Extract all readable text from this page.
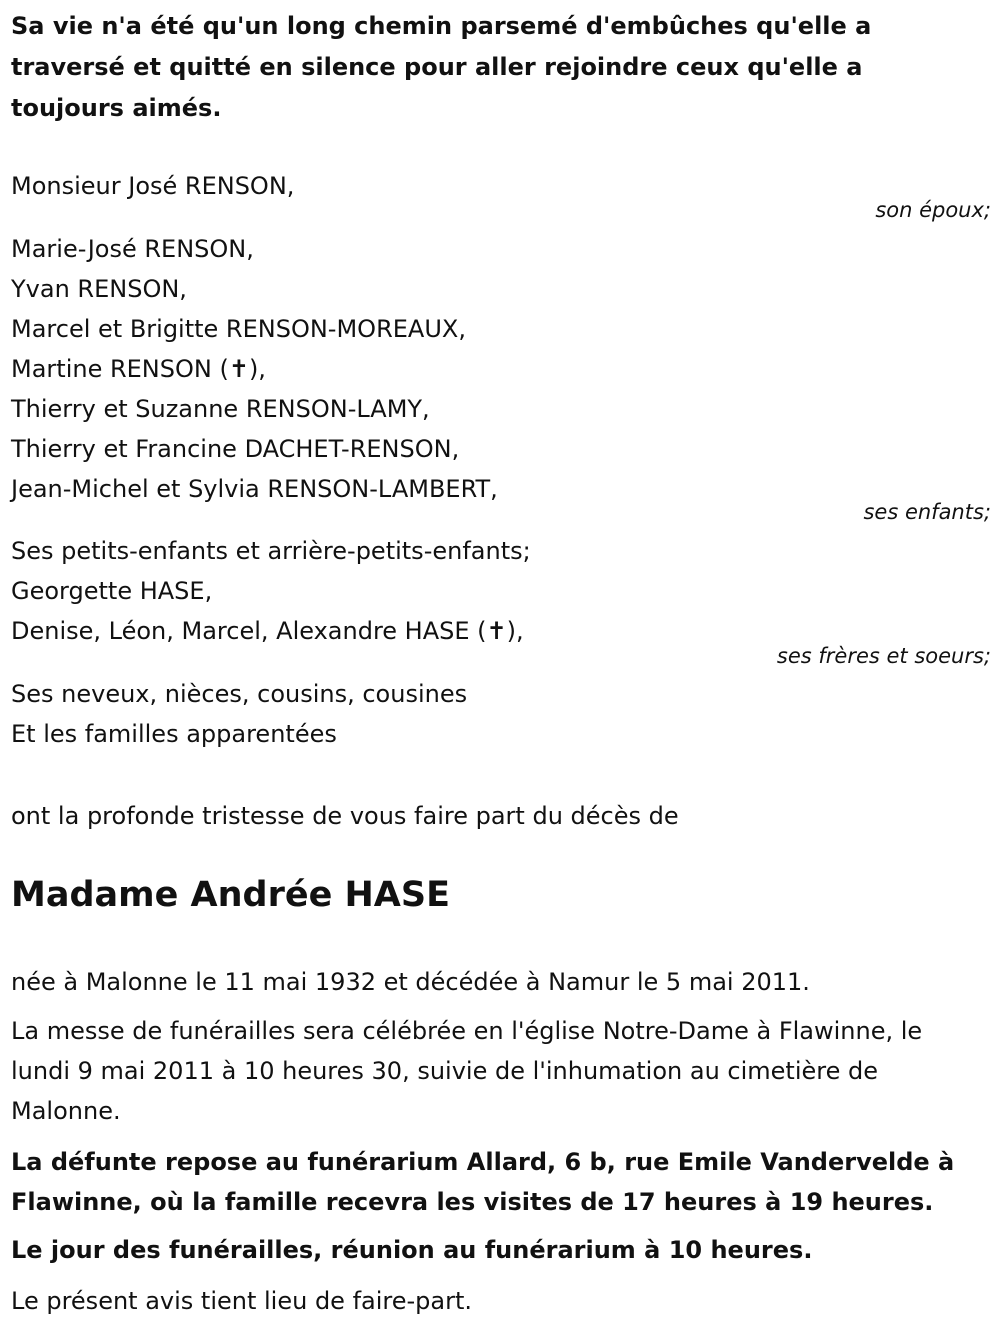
Sa vie n'a été qu'un long chemin parsemé d'embûches qu'elle a
traversé et quitté en silence pour aller rejoindre ceux qu'elle a
toujours aimés.
Monsieur José RENSON,
son époux;
Marie-José RENSON,
Yvan RENSON,
Marcel et Brigitte RENSON-MOREAUX,
Martine RENSON (✝),
Thierry et Suzanne RENSON-LAMY,
Thierry et Francine DACHET-RENSON,
Jean-Michel et Sylvia RENSON-LAMBERT,
ses enfants;
Ses petits-enfants et arrière-petits-enfants;
Georgette HASE,
Denise, Léon, Marcel, Alexandre HASE (✝),
ses frères et soeurs;
Ses neveux, nièces, cousins, cousines
Et les familles apparentées
ont la profonde tristesse de vous faire part du décès de
Madame Andrée HASE
née à Malonne le 11 mai 1932 et décédée à Namur le 5 mai 2011.
La messe de funérailles sera célébrée en l'église Notre-Dame à Flawinne, le lundi 9 mai 2011 à 10 heures 30, suivie de l'inhumation au cimetière de Malonne.
La défunte repose au funérarium Allard, 6 b, rue Emile Vandervelde à Flawinne, où la famille recevra les visites de 17 heures à 19 heures.
Le jour des funérailles, réunion au funérarium à 10 heures.
Le présent avis tient lieu de faire-part.
